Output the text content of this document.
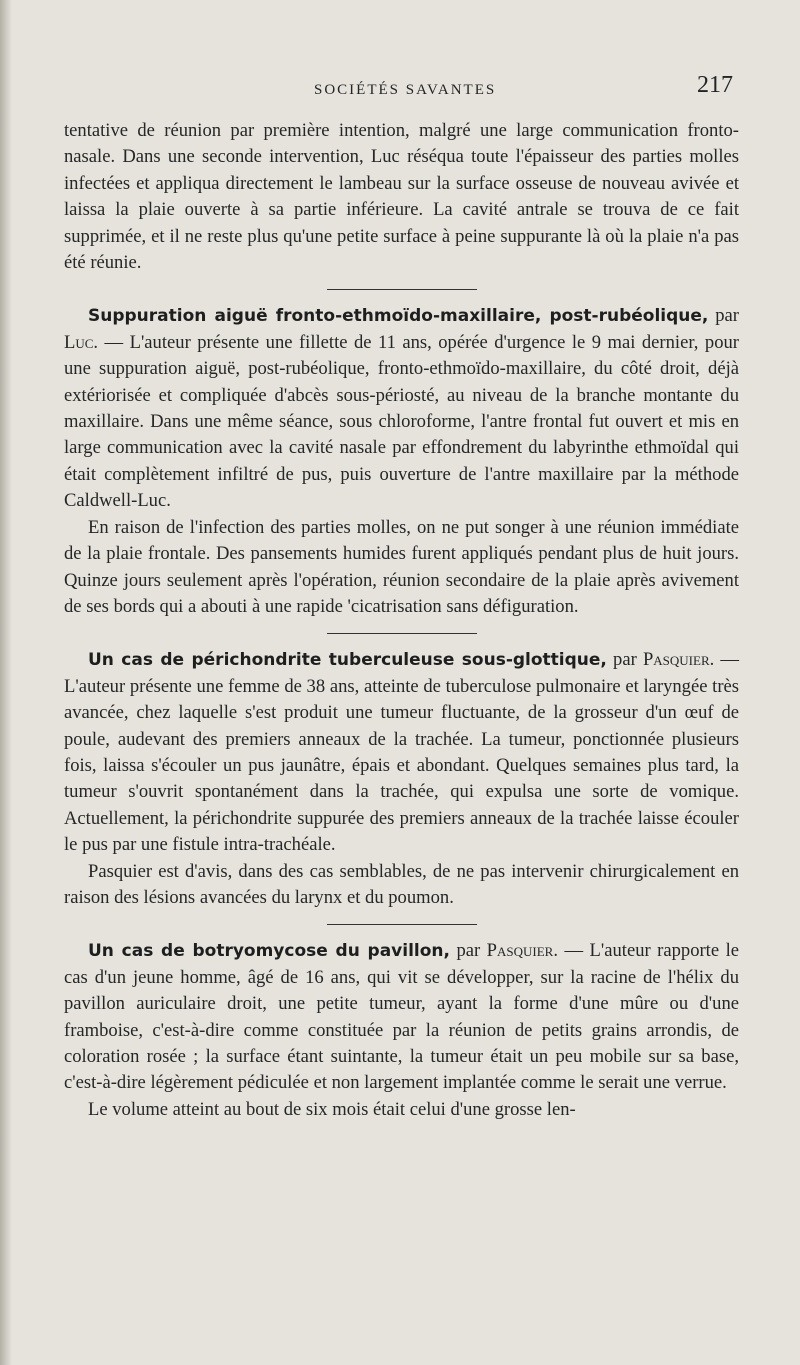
SOCIÉTÉS SAVANTES	217

tentative de réunion par première intention, malgré une large communication fronto-nasale. Dans une seconde intervention, Luc réséqua toute l'épaisseur des parties molles infectées et appliqua directement le lambeau sur la surface osseuse de nouveau avivée et laissa la plaie ouverte à sa partie inférieure. La cavité antrale se trouva de ce fait supprimée, et il ne reste plus qu'une petite surface à peine suppurante là où la plaie n'a pas été réunie.

Suppuration aiguë fronto-ethmoïdo-maxillaire, post-rubéolique, par Luc. — L'auteur présente une fillette de 11 ans, opérée d'urgence le 9 mai dernier, pour une suppuration aiguë, post-rubéolique, fronto-ethmoïdo-maxillaire, du côté droit, déjà extériorisée et compliquée d'abcès sous-périosté, au niveau de la branche montante du maxillaire. Dans une même séance, sous chloroforme, l'antre frontal fut ouvert et mis en large communication avec la cavité nasale par effondrement du labyrinthe ethmoïdal qui était complètement infiltré de pus, puis ouverture de l'antre maxillaire par la méthode Caldwell-Luc.

En raison de l'infection des parties molles, on ne put songer à une réunion immédiate de la plaie frontale. Des pansements humides furent appliqués pendant plus de huit jours. Quinze jours seulement après l'opération, réunion secondaire de la plaie après avivement de ses bords qui a abouti à une rapide 'cicatrisation sans défiguration.

Un cas de périchondrite tuberculeuse sous-glottique, par Pasquier. — L'auteur présente une femme de 38 ans, atteinte de tuberculose pulmonaire et laryngée très avancée, chez laquelle s'est produit une tumeur fluctuante, de la grosseur d'un œuf de poule, audevant des premiers anneaux de la trachée. La tumeur, ponctionnée plusieurs fois, laissa s'écouler un pus jaunâtre, épais et abondant. Quelques semaines plus tard, la tumeur s'ouvrit spontanément dans la trachée, qui expulsa une sorte de vomique. Actuellement, la périchondrite suppurée des premiers anneaux de la trachée laisse écouler le pus par une fistule intra-trachéale.

Pasquier est d'avis, dans des cas semblables, de ne pas intervenir chirurgicalement en raison des lésions avancées du larynx et du poumon.

Un cas de botryomycose du pavillon, par Pasquier. — L'auteur rapporte le cas d'un jeune homme, âgé de 16 ans, qui vit se développer, sur la racine de l'hélix du pavillon auriculaire droit, une petite tumeur, ayant la forme d'une mûre ou d'une framboise, c'est-à-dire comme constituée par la réunion de petits grains arrondis, de coloration rosée ; la surface étant suintante, la tumeur était un peu mobile sur sa base, c'est-à-dire légèrement pédiculée et non largement implantée comme le serait une verrue.

Le volume atteint au bout de six mois était celui d'une grosse len-
